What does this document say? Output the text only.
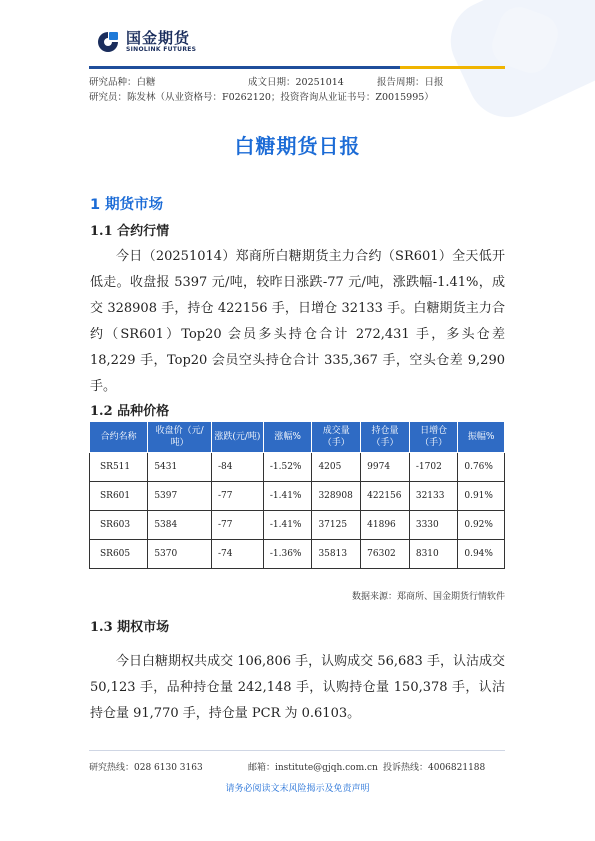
国金期货
SINOLINK FUTURES
研究品种：白糖	成文日期：20251014	报告周期：日报
研究员：陈发林（从业资格号：F0262120；投资咨询从业证书号：Z0015995）
白糖期货日报
1 期货市场
1.1 合约行情
今日（20251014）郑商所白糖期货主力合约（SR601）全天低开低走。收盘报 5397 元/吨，较昨日涨跌-77 元/吨，涨跌幅-1.41%，成交 328908 手，持仓 422156 手，日增仓 32133 手。白糖期货主力合约（SR601）Top20 会员多头持仓合计 272,431 手，多头仓差 18,229 手，Top20 会员空头持仓合计 335,367 手，空头仓差 9,290 手。
1.2 品种价格
合约名称	收盘价（元/吨）	涨跌(元/吨)	涨幅%	成交量（手）	持仓量（手）	日增仓（手）	振幅%
SR511	5431	-84	-1.52%	4205	9974	-1702	0.76%
SR601	5397	-77	-1.41%	328908	422156	32133	0.91%
SR603	5384	-77	-1.41%	37125	41896	3330	0.92%
SR605	5370	-74	-1.36%	35813	76302	8310	0.94%
数据来源：郑商所、国金期货行情软件
1.3 期权市场
今日白糖期权共成交 106,806 手，认购成交 56,683 手，认沽成交 50,123 手，品种持仓量 242,148 手，认购持仓量 150,378 手，认沽持仓量 91,770 手，持仓量 PCR 为 0.6103。
研究热线：028 6130 3163	邮箱：institute@gjqh.com.cn 投诉热线：4006821188
请务必阅读文末风险揭示及免责声明
